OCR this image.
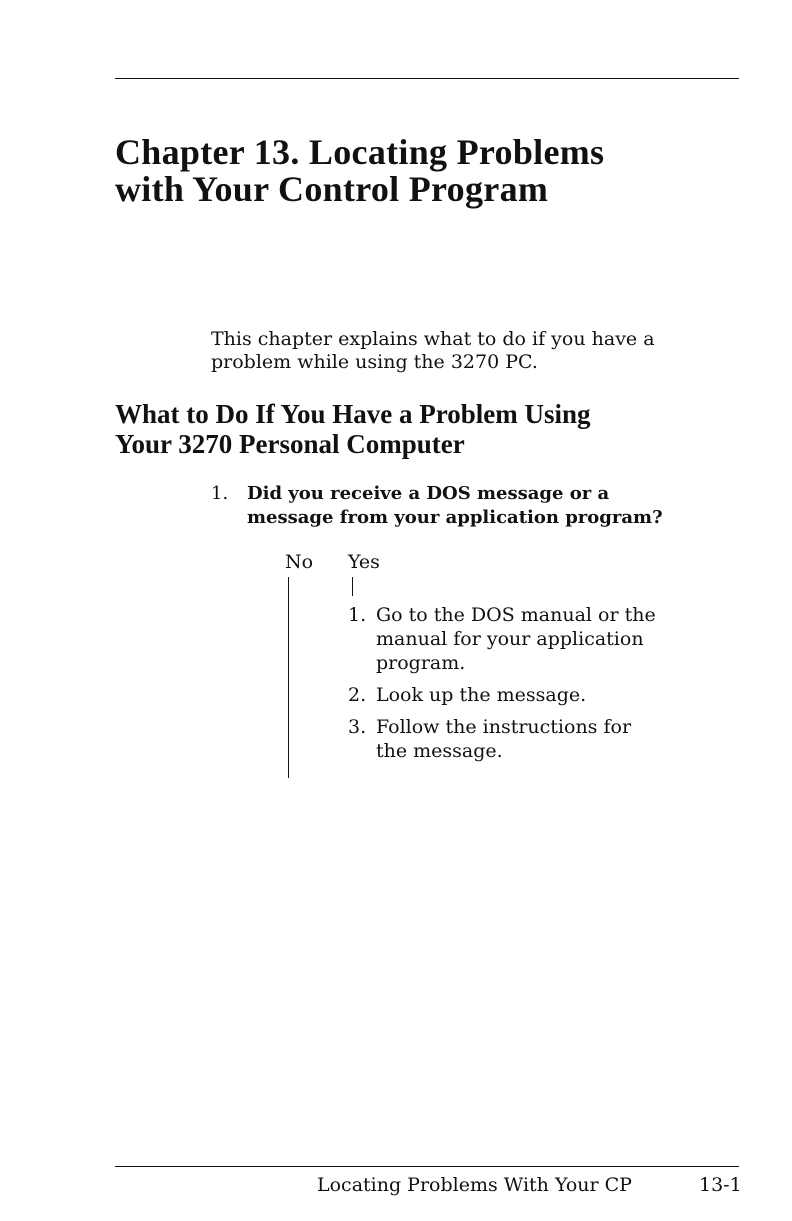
Chapter 13. Locating Problems
with Your Control Program

This chapter explains what to do if you have a
problem while using the 3270 PC.

What to Do If You Have a Problem Using
Your 3270 Personal Computer
1. Did you receive a DOS message or a
message from your application program?
No Yes
1. Go to the DOS manual or the
manual for your application
program.
2. Look up the message.
3. Follow the instructions for
the message.
Locating Problems With Your CP	13-1
